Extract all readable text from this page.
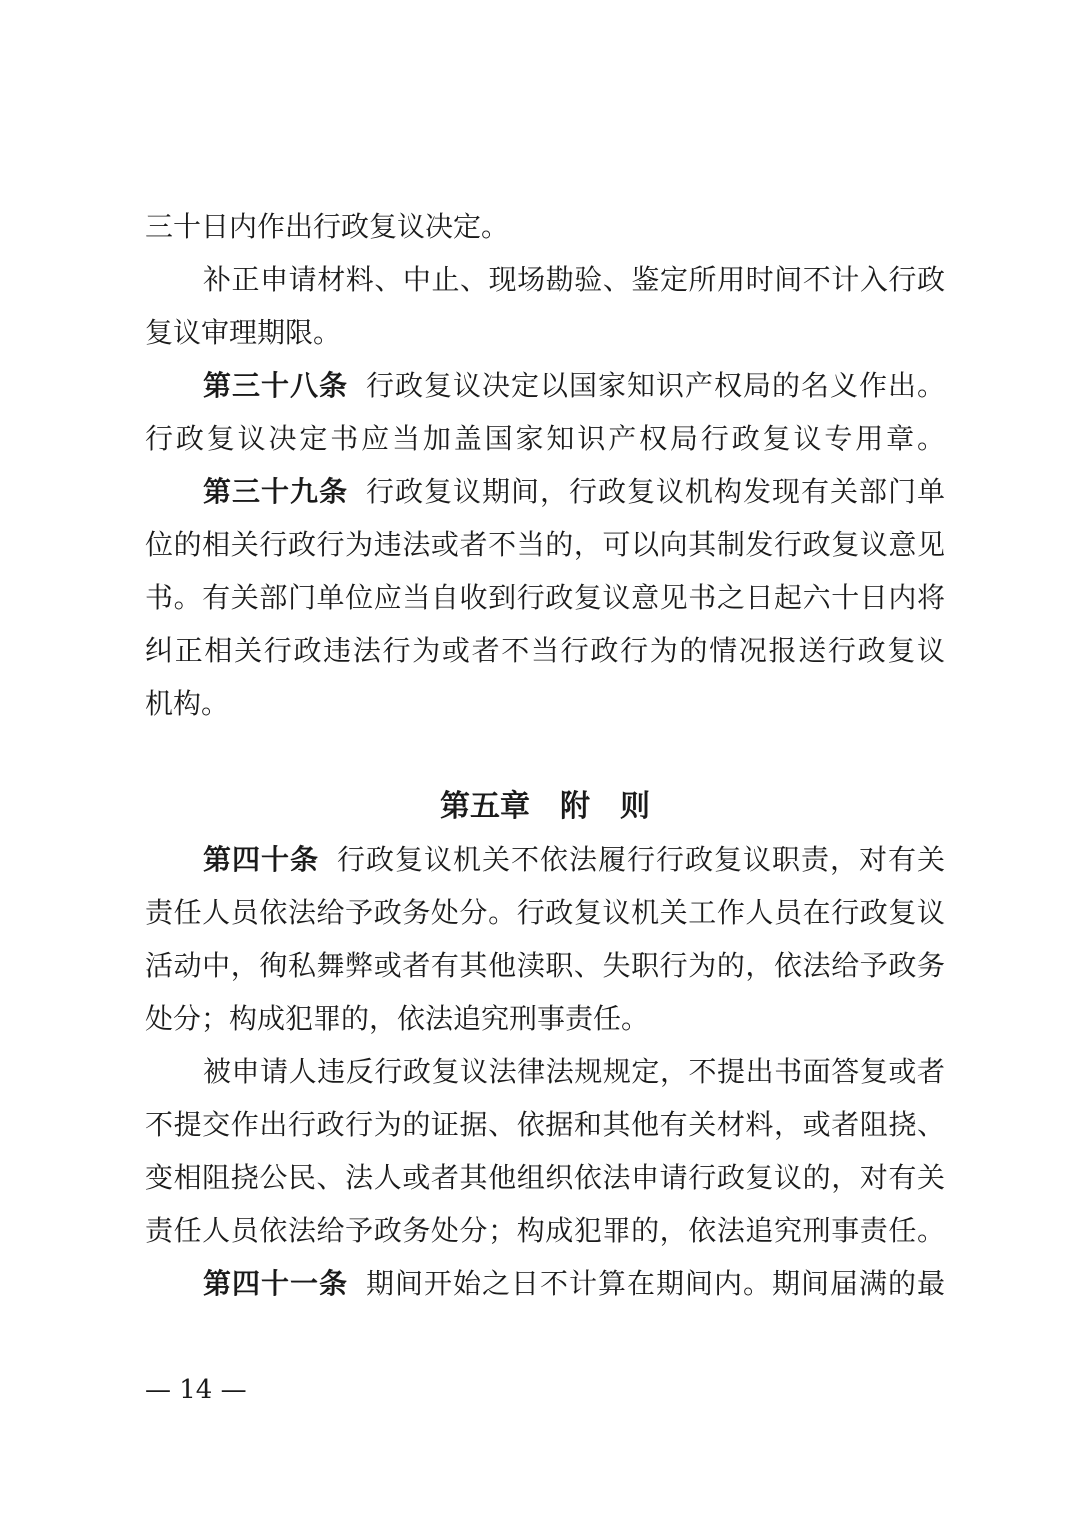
三十日内作出行政复议决定。
补正申请材料、中止、现场勘验、鉴定所用时间不计入行政
复议审理期限。
第三十八条 行政复议决定以国家知识产权局的名义作出。
行政复议决定书应当加盖国家知识产权局行政复议专用章。
第三十九条 行政复议期间，行政复议机构发现有关部门单
位的相关行政行为违法或者不当的，可以向其制发行政复议意见
书。有关部门单位应当自收到行政复议意见书之日起六十日内将
纠正相关行政违法行为或者不当行政行为的情况报送行政复议
机构。
第五章 附 则
第四十条 行政复议机关不依法履行行政复议职责，对有关
责任人员依法给予政务处分。行政复议机关工作人员在行政复议
活动中，徇私舞弊或者有其他渎职、失职行为的，依法给予政务
处分；构成犯罪的，依法追究刑事责任。
被申请人违反行政复议法律法规规定，不提出书面答复或者
不提交作出行政行为的证据、依据和其他有关材料，或者阻挠、
变相阻挠公民、法人或者其他组织依法申请行政复议的，对有关
责任人员依法给予政务处分；构成犯罪的，依法追究刑事责任。
第四十一条 期间开始之日不计算在期间内。期间届满的最
— 14 —
